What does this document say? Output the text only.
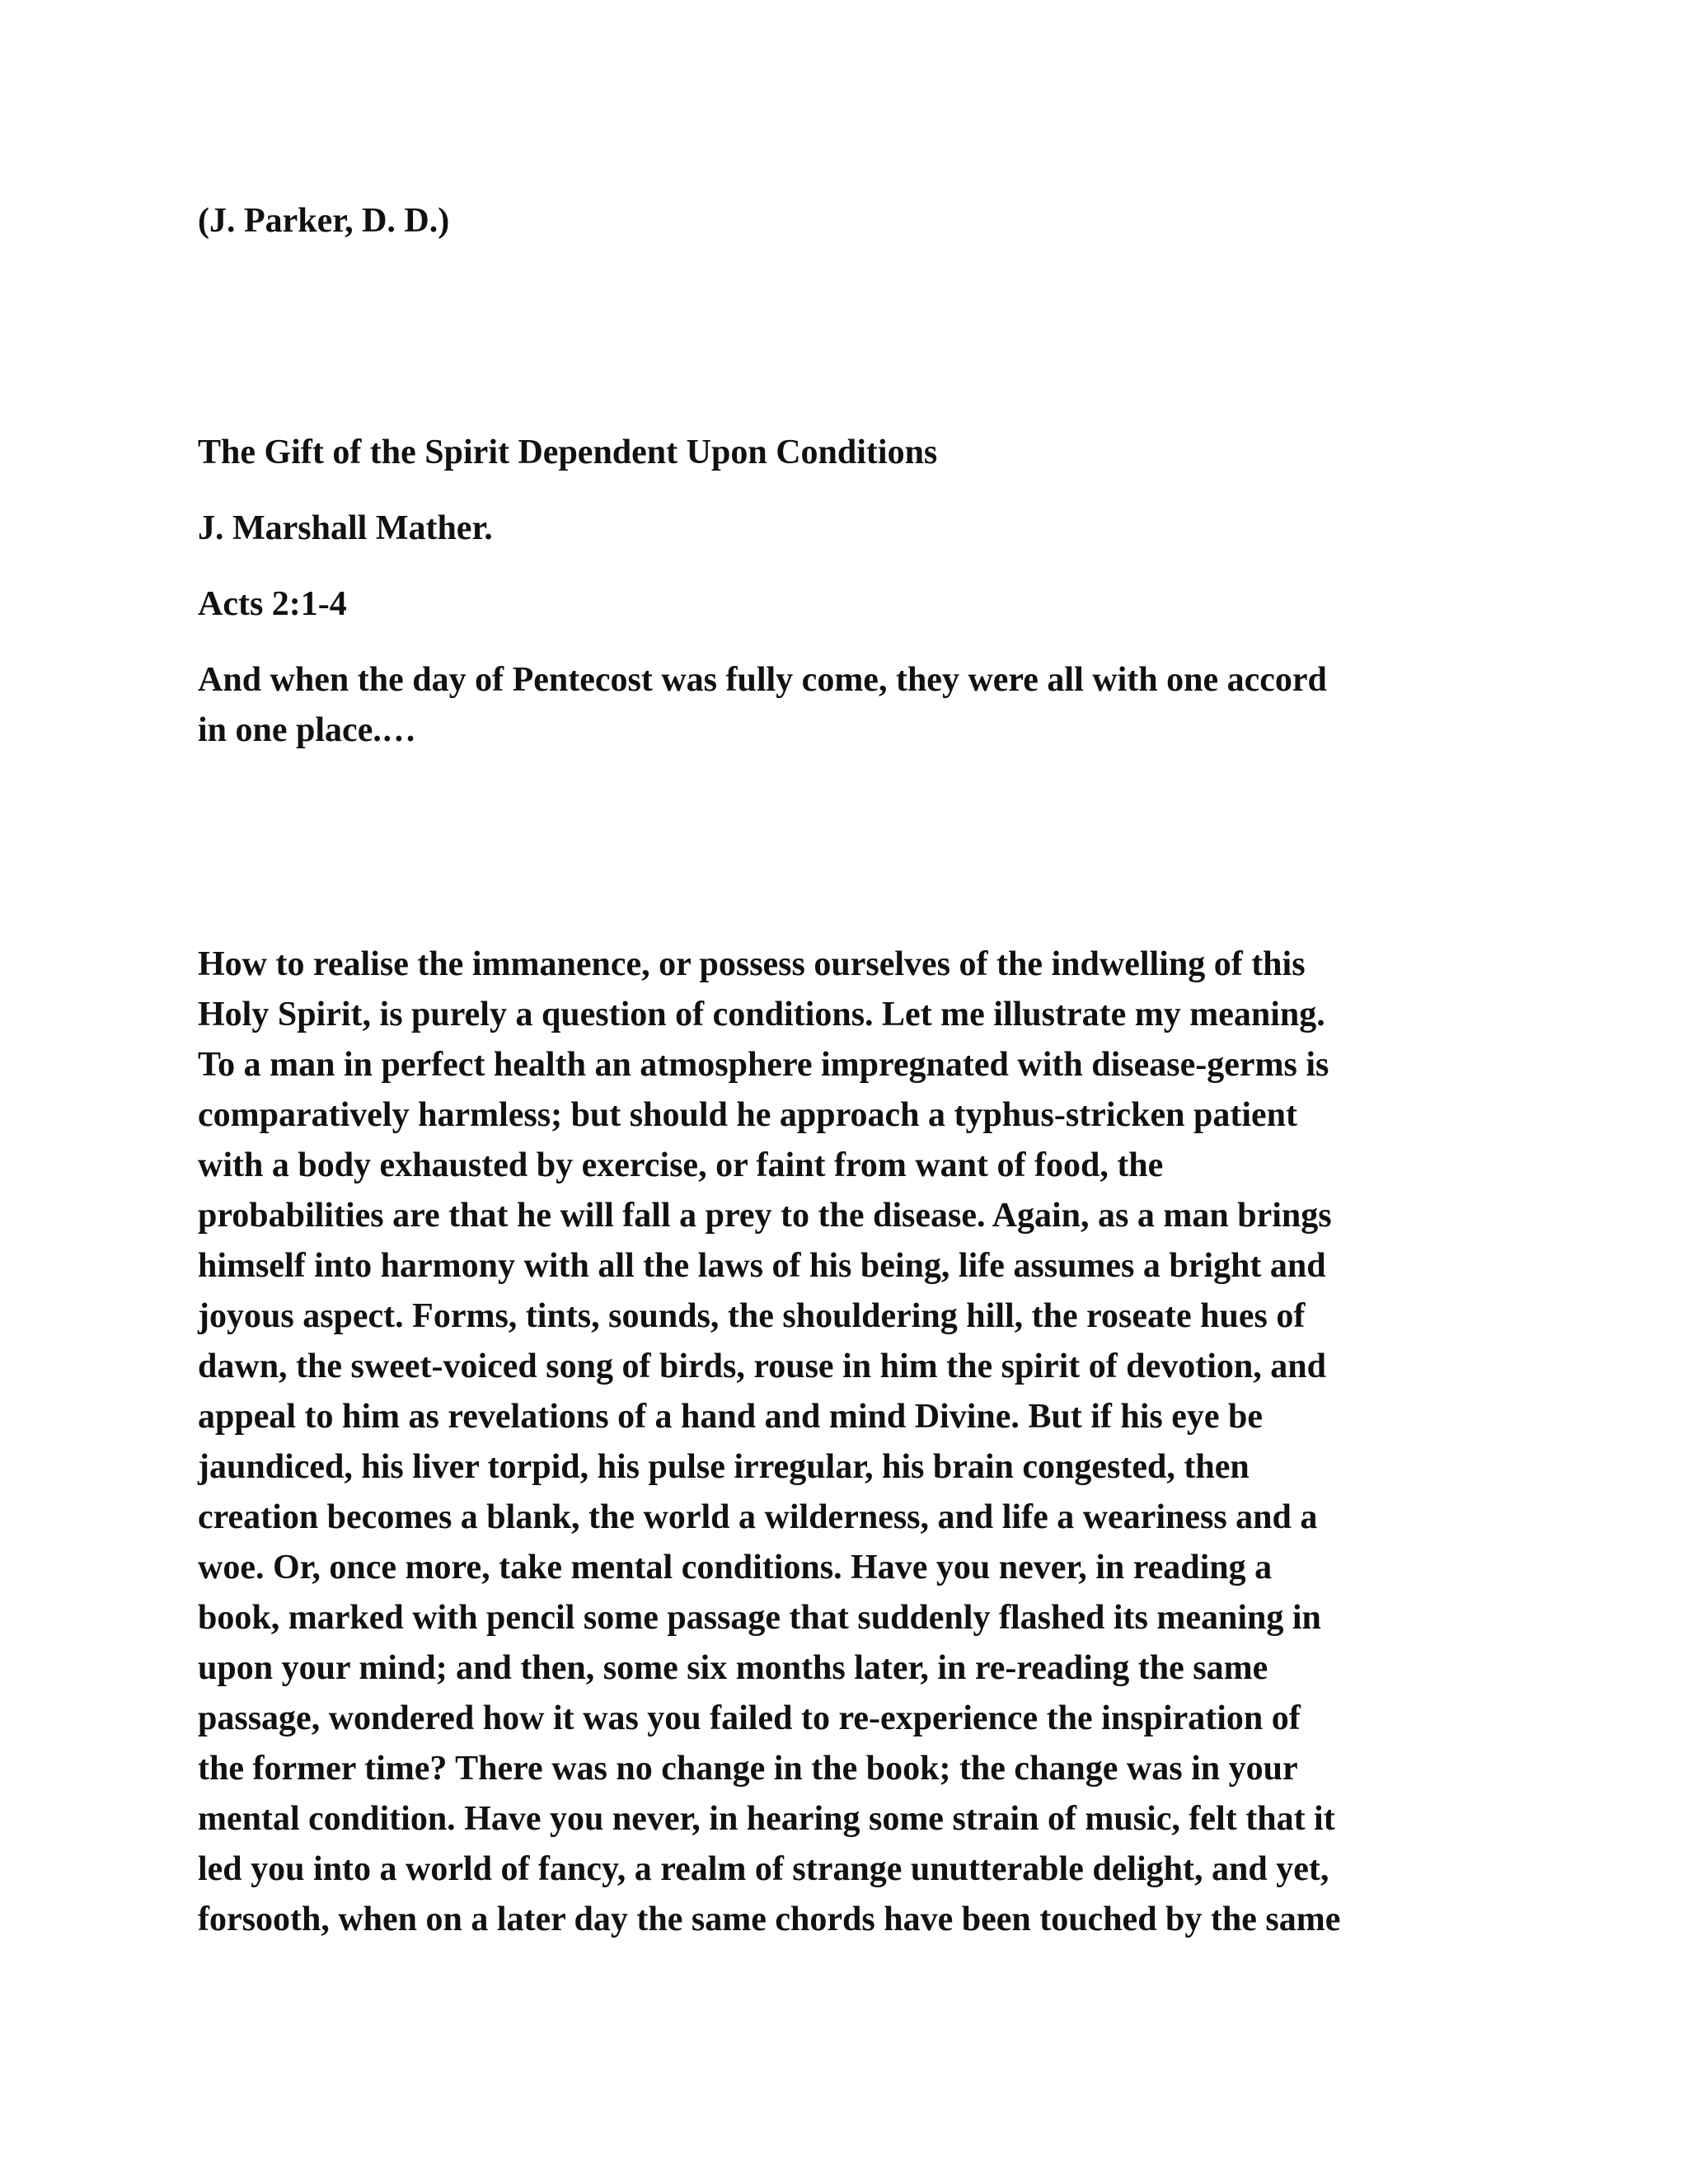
(J. Parker, D. D.)

The Gift of the Spirit Dependent Upon Conditions

J. Marshall Mather.

Acts 2:1-4

And when the day of Pentecost was fully come, they were all with one accord
in one place.…
How to realise the immanence, or possess ourselves of the indwelling of this
Holy Spirit, is purely a question of conditions. Let me illustrate my meaning.
To a man in perfect health an atmosphere impregnated with disease-germs is
comparatively harmless; but should he approach a typhus-stricken patient
with a body exhausted by exercise, or faint from want of food, the
probabilities are that he will fall a prey to the disease. Again, as a man brings
himself into harmony with all the laws of his being, life assumes a bright and
joyous aspect. Forms, tints, sounds, the shouldering hill, the roseate hues of
dawn, the sweet-voiced song of birds, rouse in him the spirit of devotion, and
appeal to him as revelations of a hand and mind Divine. But if his eye be
jaundiced, his liver torpid, his pulse irregular, his brain congested, then
creation becomes a blank, the world a wilderness, and life a weariness and a
woe. Or, once more, take mental conditions. Have you never, in reading a
book, marked with pencil some passage that suddenly flashed its meaning in
upon your mind; and then, some six months later, in re-reading the same
passage, wondered how it was you failed to re-experience the inspiration of
the former time? There was no change in the book; the change was in your
mental condition. Have you never, in hearing some strain of music, felt that it
led you into a world of fancy, a realm of strange unutterable delight, and yet,
forsooth, when on a later day the same chords have been touched by the same
